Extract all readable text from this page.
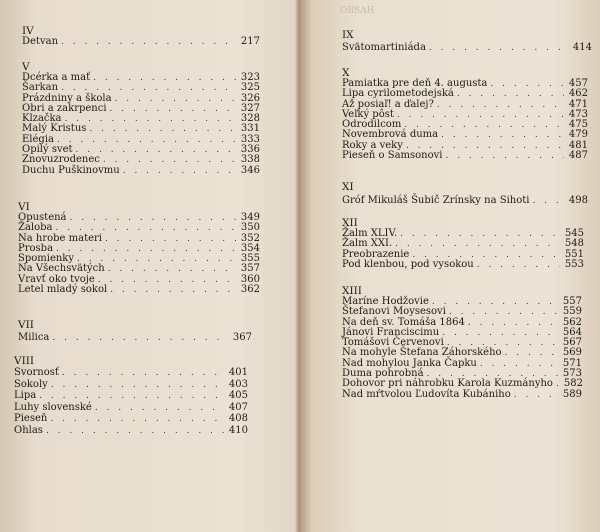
IV
Detvan . . .	217
V
Dcérka a mať . . .	323
Šarkan . . .	325
Prázdniny a škola . . .	326
Obri a zakrpenci . . .	327
Klzačka . . .	328
Malý Kristus . . .	331
Elégia . . .	333
Opilý svet . . .	336
Znovuzrodenec . . .	338
Duchu Puškinovmu . . .	346
VI
Opustená . . .	349
Žaloba . . .	350
Na hrobe materi . . .	352
Prosba . . .	354
Spomienky . . .	355
Na Všechsvätých . . .	357
Vravť oko tvoje . . .	360
Letel mladý sokol . . .	362
VII
Milica . . .	367
VIII
Svornosť . . .	401
Sokoly . . .	403
Lipa . . .	405
Luhy slovenské . . .	407
Pieseň . . .	408
Ohlas . . .	410
OBSAH
IX
Svätomartiniáda . . .	414
X
Pamiatka pre deň 4. augusta . . .	457
Lipa cyrilometodejská . . .	462
Až posiaľ! a ďalej? . . .	471
Veľký pôst . . .	473
Odrodilcom . . .	475
Novembrová duma . . .	479
Roky a veky . . .	481
Pieseň o Samsonovi . . .	487
XI
Gróf Mikuláš Šubič Zrínsky na Sihoti . . .	498
XII
Žalm XLIV. . . .	545
Žalm XXI. . . .	548
Preobrazenie . . .	551
Pod klenbou, pod vysokou . . .	553
XIII
Maríne Hodžovie . . .	557
Štefanovi Moysesovi . . .	559
Na deň sv. Tomáša 1864 . . .	562
Jánovi Franciscimu . . .	564
Tomášovi Červenovi . . .	567
Na mohyle Štefana Záhorského . . .	569
Nad mohylou Janka Čapku . . .	571
Duma pohrobná . . .	573
Dohovor pri náhrobku Karola Kuzmányho . . .	582
Nad mŕtvolou Ľudovíta Kubániho . . .	589
